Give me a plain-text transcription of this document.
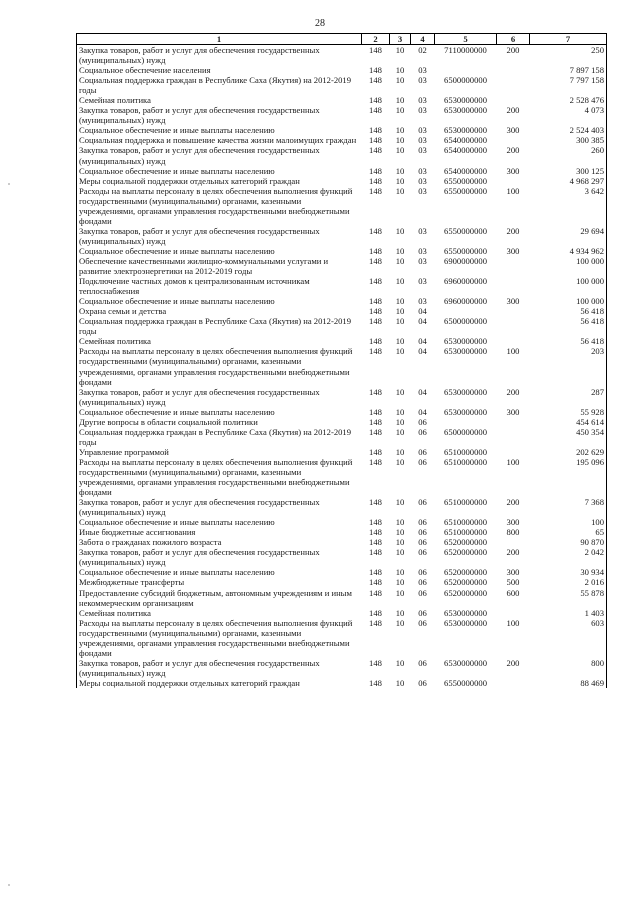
28
1	2	3	4	5	6	7
Закупка товаров, работ и услуг для обеспечения государственных (муниципальных) нужд	148	10	02	7110000000	200	250
Социальное обеспечение населения	148	10	03			7 897 158
Социальная поддержка граждан в Республике Саха (Якутия) на 2012-2019 годы	148	10	03	6500000000		7 797 158
Семейная политика	148	10	03	6530000000		2 528 476
Закупка товаров, работ и услуг для обеспечения государственных (муниципальных) нужд	148	10	03	6530000000	200	4 073
Социальное обеспечение и иные выплаты населению	148	10	03	6530000000	300	2 524 403
Социальная поддержка и повышение качества жизни малоимущих граждан	148	10	03	6540000000		300 385
Закупка товаров, работ и услуг для обеспечения государственных (муниципальных) нужд	148	10	03	6540000000	200	260
Социальное обеспечение и иные выплаты населению	148	10	03	6540000000	300	300 125
Меры социальной поддержки отдельных категорий граждан	148	10	03	6550000000		4 968 297
Расходы на выплаты персоналу в целях обеспечения выполнения функций государственными (муниципальными) органами, казенными учреждениями, органами управления государственными внебюджетными фондами	148	10	03	6550000000	100	3 642
Закупка товаров, работ и услуг для обеспечения государственных (муниципальных) нужд	148	10	03	6550000000	200	29 694
Социальное обеспечение и иные выплаты населению	148	10	03	6550000000	300	4 934 962
Обеспечение качественными жилищно-коммунальными услугами и развитие электроэнергетики на 2012-2019 годы	148	10	03	6900000000		100 000
Подключение частных домов к централизованным источникам теплоснабжения	148	10	03	6960000000		100 000
Социальное обеспечение и иные выплаты населению	148	10	03	6960000000	300	100 000
Охрана семьи и детства	148	10	04			56 418
Социальная поддержка граждан в Республике Саха (Якутия) на 2012-2019 годы	148	10	04	6500000000		56 418
Семейная политика	148	10	04	6530000000		56 418
Расходы на выплаты персоналу в целях обеспечения выполнения функций государственными (муниципальными) органами, казенными учреждениями, органами управления государственными внебюджетными фондами	148	10	04	6530000000	100	203
Закупка товаров, работ и услуг для обеспечения государственных (муниципальных) нужд	148	10	04	6530000000	200	287
Социальное обеспечение и иные выплаты населению	148	10	04	6530000000	300	55 928
Другие вопросы в области социальной политики	148	10	06			454 614
Социальная поддержка граждан в Республике Саха (Якутия) на 2012-2019 годы	148	10	06	6500000000		450 354
Управление программой	148	10	06	6510000000		202 629
Расходы на выплаты персоналу в целях обеспечения выполнения функций государственными (муниципальными) органами, казенными учреждениями, органами управления государственными внебюджетными фондами	148	10	06	6510000000	100	195 096
Закупка товаров, работ и услуг для обеспечения государственных (муниципальных) нужд	148	10	06	6510000000	200	7 368
Социальное обеспечение и иные выплаты населению	148	10	06	6510000000	300	100
Иные бюджетные ассигнования	148	10	06	6510000000	800	65
Забота о гражданах пожилого возраста	148	10	06	6520000000		90 870
Закупка товаров, работ и услуг для обеспечения государственных (муниципальных) нужд	148	10	06	6520000000	200	2 042
Социальное обеспечение и иные выплаты населению	148	10	06	6520000000	300	30 934
Межбюджетные трансферты	148	10	06	6520000000	500	2 016
Предоставление субсидий бюджетным, автономным учреждениям и иным некоммерческим организациям	148	10	06	6520000000	600	55 878
Семейная политика	148	10	06	6530000000		1 403
Расходы на выплаты персоналу в целях обеспечения выполнения функций государственными (муниципальными) органами, казенными учреждениями, органами управления государственными внебюджетными фондами	148	10	06	6530000000	100	603
Закупка товаров, работ и услуг для обеспечения государственных (муниципальных) нужд	148	10	06	6530000000	200	800
Меры социальной поддержки отдельных категорий граждан	148	10	06	6550000000		88 469
